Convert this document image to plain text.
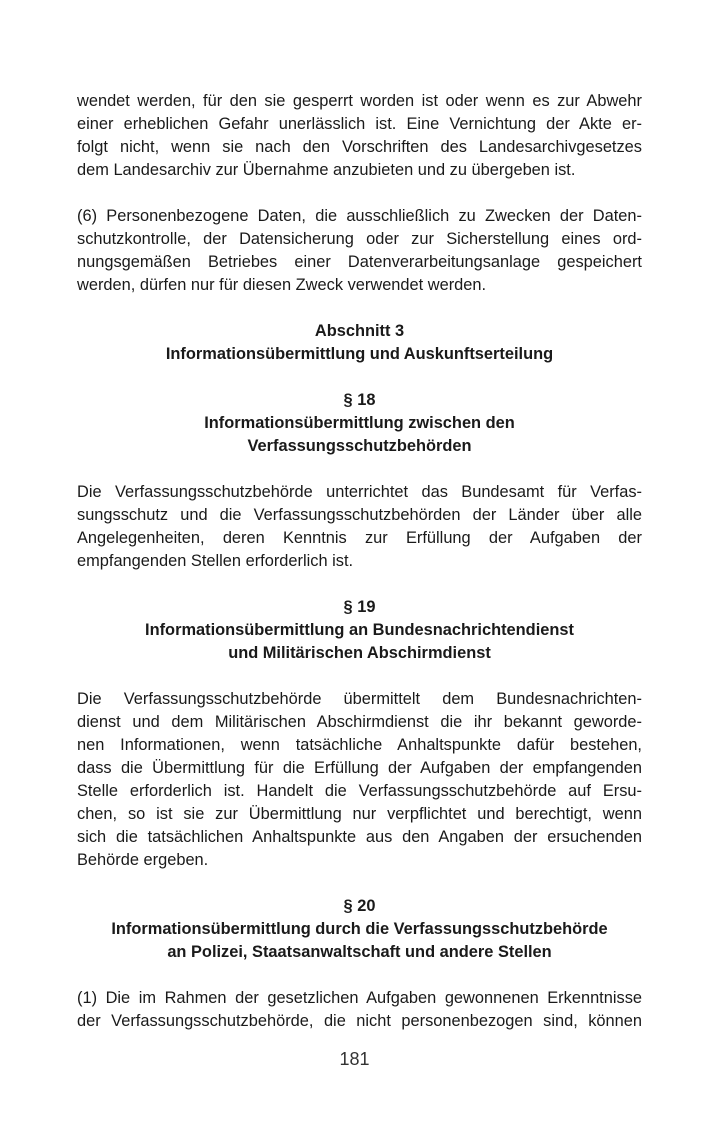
wendet werden, für den sie gesperrt worden ist oder wenn es zur Abwehr
einer erheblichen Gefahr unerlässlich ist. Eine Vernichtung der Akte er-
folgt nicht, wenn sie nach den Vorschriften des Landesarchivgesetzes
dem Landesarchiv zur Übernahme anzubieten und zu übergeben ist.

(6) Personenbezogene Daten, die ausschließlich zu Zwecken der Daten-
schutzkontrolle, der Datensicherung oder zur Sicherstellung eines ord-
nungsgemäßen Betriebes einer Datenverarbeitungsanlage gespeichert
werden, dürfen nur für diesen Zweck verwendet werden.

Abschnitt 3
Informationsübermittlung und Auskunftserteilung
§ 18
Informationsübermittlung zwischen den
Verfassungsschutzbehörden

Die Verfassungsschutzbehörde unterrichtet das Bundesamt für Verfas-
sungsschutz und die Verfassungsschutzbehörden der Länder über alle
Angelegenheiten, deren Kenntnis zur Erfüllung der Aufgaben der
empfangenden Stellen erforderlich ist.

§ 19
Informationsübermittlung an Bundesnachrichtendienst
und Militärischen Abschirmdienst

Die Verfassungsschutzbehörde übermittelt dem Bundesnachrichten-
dienst und dem Militärischen Abschirmdienst die ihr bekannt geworde-
nen Informationen, wenn tatsächliche Anhaltspunkte dafür bestehen,
dass die Übermittlung für die Erfüllung der Aufgaben der empfangenden
Stelle erforderlich ist. Handelt die Verfassungsschutzbehörde auf Ersu-
chen, so ist sie zur Übermittlung nur verpflichtet und berechtigt, wenn
sich die tatsächlichen Anhaltspunkte aus den Angaben der ersuchenden
Behörde ergeben.

§ 20
Informationsübermittlung durch die Verfassungsschutzbehörde
an Polizei, Staatsanwaltschaft und andere Stellen

(1) Die im Rahmen der gesetzlichen Aufgaben gewonnenen Erkenntnisse
der Verfassungsschutzbehörde, die nicht personenbezogen sind, können

181
